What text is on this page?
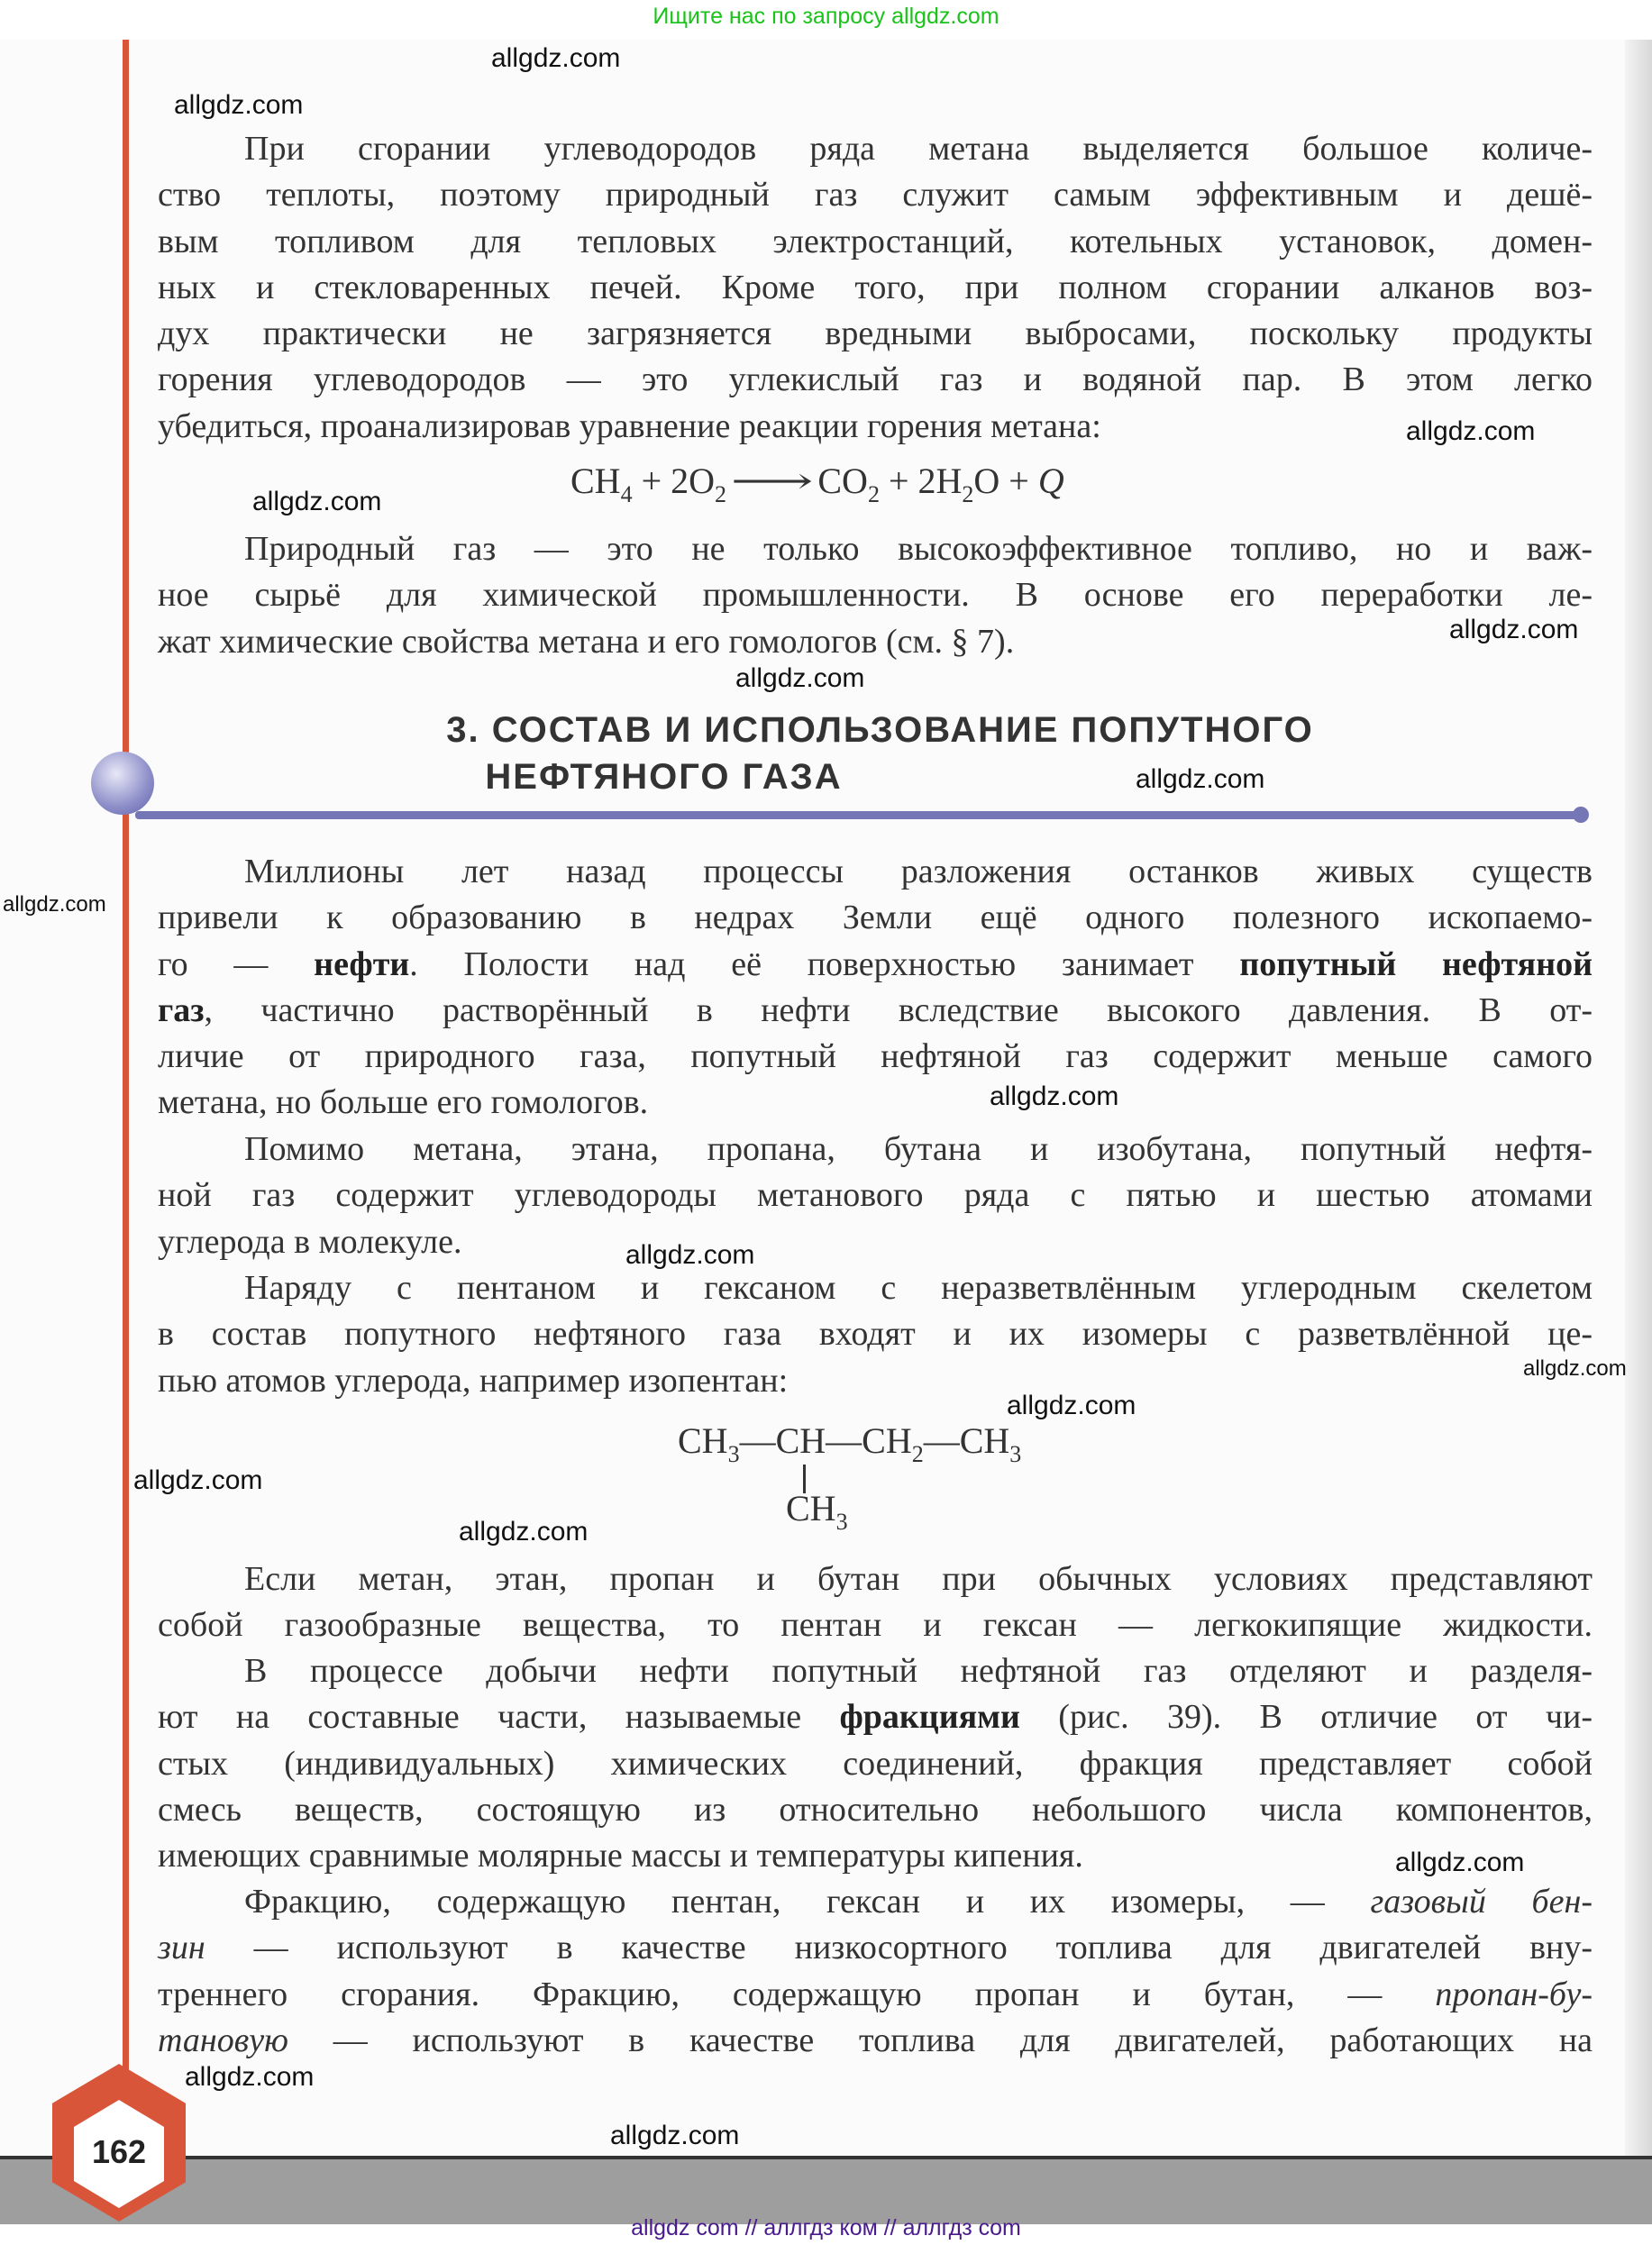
Ищите нас по запросу allgdz.com
allgdz.com
allgdz.com
allgdz.com
allgdz.com
allgdz.com
allgdz.com
allgdz.com
allgdz.com
allgdz.com
allgdz.com
allgdz.com
allgdz.com
allgdz.com
allgdz.com
allgdz.com
allgdz.com
allgdz.com
При сгорании углеводородов ряда метана выделяется большое количе-
ство теплоты, поэтому природный газ служит самым эффективным и дешё-
вым топливом для тепловых электростанций, котельных установок, домен-
ных и стекловаренных печей. Кроме того, при полном сгорании алканов воз-
дух практически не загрязняется вредными выбросами, поскольку продукты
горения углеводородов — это углекислый газ и водяной пар. В этом легко
убедиться, проанализировав уравнение реакции горения метана:
$CH_4 + 2O_2$ ⟶ $CO_2 + 2H_2O + Q$
Природный газ — это не только высокоэффективное топливо, но и важ-
ное сырьё для химической промышленности. В основе его переработки ле-
жат химические свойства метана и его гомологов (см. § 7).
3. СОСТАВ И ИСПОЛЬЗОВАНИЕ ПОПУТНОГО
НЕФТЯНОГО ГАЗА
Миллионы лет назад процессы разложения останков живых существ
привели к образованию в недрах Земли ещё одного полезного ископаемо-
го — нефти. Полости над её поверхностью занимает попутный нефтяной
газ, частично растворённый в нефти вследствие высокого давления. В от-
личие от природного газа, попутный нефтяной газ содержит меньше самого
метана, но больше его гомологов.
Помимо метана, этана, пропана, бутана и изобутана, попутный нефтя-
ной газ содержит углеводороды метанового ряда с пятью и шестью атомами
углерода в молекуле.
Наряду с пентаном и гексаном с неразветвлённым углеродным скелетом
в состав попутного нефтяного газа входят и их изомеры с разветвлённой це-
пью атомов углерода, например изопентан:
$CH_3—CH—CH_2—CH_3$
$CH_3$
Если метан, этан, пропан и бутан при обычных условиях представляют
собой газообразные вещества, то пентан и гексан — легкокипящие жидкости.
В процессе добычи нефти попутный нефтяной газ отделяют и разделя-
ют на составные части, называемые фракциями (рис. 39). В отличие от чи-
стых (индивидуальных) химических соединений, фракция представляет собой
смесь веществ, состоящую из относительно небольшого числа компонентов,
имеющих сравнимые молярные массы и температуры кипения.
Фракцию, содержащую пентан, гексан и их изомеры, — газовый бен-
зин — используют в качестве низкосортного топлива для двигателей вну-
треннего сгорания. Фракцию, содержащую пропан и бутан, — пропан-бу-
тановую — используют в качестве топлива для двигателей, работающих на
162
allgdz com // аллгдз ком // аллгдз com
